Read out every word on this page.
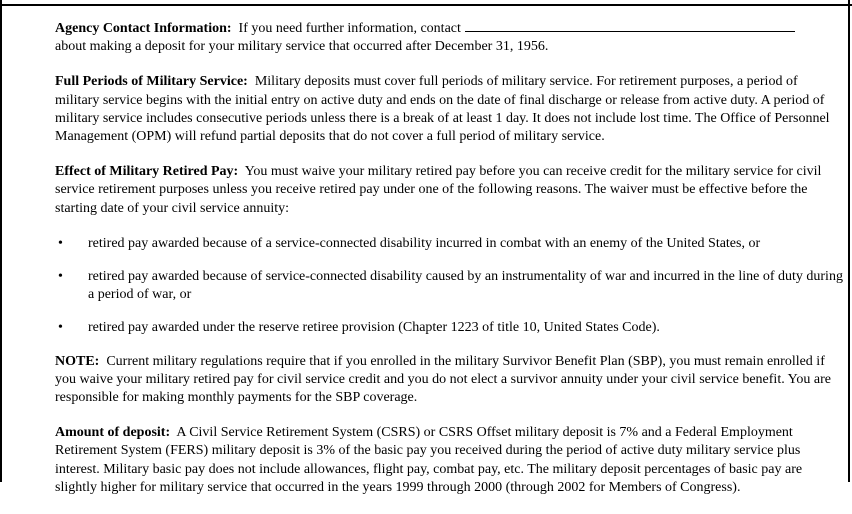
Agency Contact Information: If you need further information, contact
about making a deposit for your military service that occurred after December 31, 1956.

Full Periods of Military Service: Military deposits must cover full periods of military service. For retirement purposes, a period of military service begins with the initial entry on active duty and ends on the date of final discharge or release from active duty. A period of military service includes consecutive periods unless there is a break of at least 1 day. It does not include lost time. The Office of Personnel Management (OPM) will refund partial deposits that do not cover a full period of military service.

Effect of Military Retired Pay: You must waive your military retired pay before you can receive credit for the military service for civil service retirement purposes unless you receive retired pay under one of the following reasons. The waiver must be effective before the starting date of your civil service annuity:

• retired pay awarded because of a service-connected disability incurred in combat with an enemy of the United States, or
• retired pay awarded because of service-connected disability caused by an instrumentality of war and incurred in the line of duty during a period of war, or
• retired pay awarded under the reserve retiree provision (Chapter 1223 of title 10, United States Code).

NOTE: Current military regulations require that if you enrolled in the military Survivor Benefit Plan (SBP), you must remain enrolled if you waive your military retired pay for civil service credit and you do not elect a survivor annuity under your civil service benefit. You are responsible for making monthly payments for the SBP coverage.

Amount of deposit: A Civil Service Retirement System (CSRS) or CSRS Offset military deposit is 7% and a Federal Employment Retirement System (FERS) military deposit is 3% of the basic pay you received during the period of active duty military service plus interest. Military basic pay does not include allowances, flight pay, combat pay, etc. The military deposit percentages of basic pay are slightly higher for military service that occurred in the years 1999 through 2000 (through 2002 for Members of Congress).
